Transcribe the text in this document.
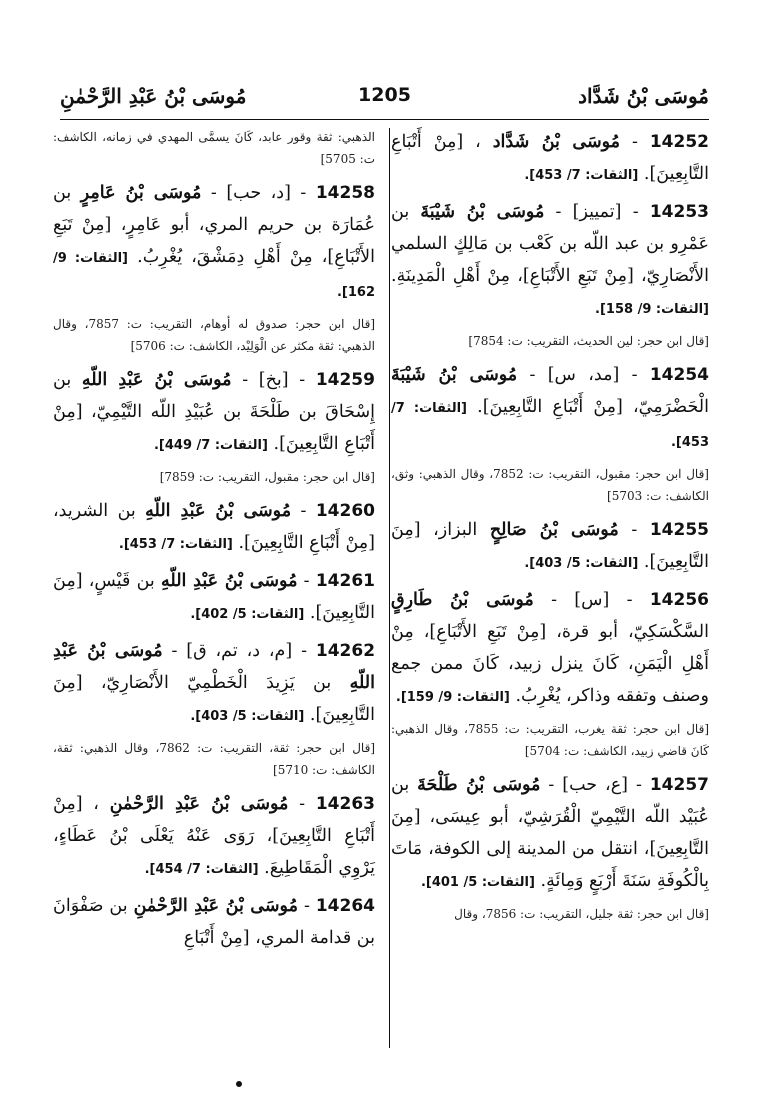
مُوسَى بْنُ شَدَّاد
1205
مُوسَى بْنُ عَبْدِ الرَّحْمٰنِ
14252 - مُوسَى بْنُ شَدَّاد ، [مِنْ أَتْبَاعِ التَّابِعِينَ]. [الثقات: 7/ 453].
14253 - [تمييز] - مُوسَى بْنُ شَيْبَةَ بن عَمْرِو بن عبد اللّه بن كَعْب بن مَالِكٍ السلمي الأَنْصَارِيّ، [مِنْ تَبَعِ الأَتْبَاعِ]، مِنْ أَهْلِ الْمَدِينَةِ. [الثقات: 9/ 158].
[قال ابن حجر: لين الحديث، التقريب: ت: 7854]
14254 - [مد، س] - مُوسَى بْنُ شَيْبَةَ الْحَضْرَمِيّ، [مِنْ أَتْبَاعِ التَّابِعِينَ]. [الثقات: 7/ 453].
[قال ابن حجر: مقبول، التقريب: ت: 7852، وقال الذهبي: وثق، الكاشف: ت: 5703]
14255 - مُوسَى بْنُ صَالِحٍ البزاز، [مِنَ التَّابِعِينَ]. [الثقات: 5/ 403].
14256 - [س] - مُوسَى بْنُ طَارِقٍ السَّكْسَكِيّ، أبو قرة، [مِنْ تَبَعِ الأَتْبَاعِ]، مِنْ أَهْلِ الْيَمَنِ، كَانَ ينزل زبيد، كَانَ ممن جمع وصنف وتفقه وذاكر، يُغْرِبُ. [الثقات: 9/ 159].
[قال ابن حجر: ثقة يغرب، التقريب: ت: 7855، وقال الذهبي: كَانَ قاضي زبيد، الكاشف: ت: 5704]
14257 - [ع، حب] - مُوسَى بْنُ طَلْحَةَ بن عُبَيْد اللّه التَّيْمِيّ الْقُرَشِيّ، أبو عِيسَى، [مِنَ التَّابِعِينَ]، انتقل من المدينة إلى الكوفة، مَاتَ بِالْكُوفَةِ سَنَةَ أَرْبَعٍ وَمِائَةٍ. [الثقات: 5/ 401].
[قال ابن حجر: ثقة جليل، التقريب: ت: 7856، وقال
الذهبي: ثقة وقور عابد، كَانَ يسمَّى المهدي في زمانه، الكاشف: ت: 5705]
14258 - [د، حب] - مُوسَى بْنُ عَامِرٍ بن عُمَارَة بن حريم المري، أبو عَامِرٍ، [مِنْ تَبَعِ الأَتْبَاعِ]، مِنْ أَهْلِ دِمَشْقَ، يُغْرِبُ. [الثقات: 9/ 162].
[قال ابن حجر: صدوق له أوهام، التقريب: ت: 7857، وقال الذهبي: ثقة مكثر عن الْوَلِيْد، الكاشف: ت: 5706]
14259 - [بخ] - مُوسَى بْنُ عَبْدِ اللّهِ بن إِسْحَاقَ بن طَلْحَةَ بن عُبَيْدِ اللّه التَّيْمِيّ، [مِنْ أَتْبَاعِ التَّابِعِينَ]. [الثقات: 7/ 449].
[قال ابن حجر: مقبول، التقريب: ت: 7859]
14260 - مُوسَى بْنُ عَبْدِ اللّهِ بن الشريد، [مِنْ أَتْبَاعِ التَّابِعِينَ]. [الثقات: 7/ 453].
14261 - مُوسَى بْنُ عَبْدِ اللّهِ بن قَيْسٍ، [مِنَ التَّابِعِينَ]. [الثقات: 5/ 402].
14262 - [م، د، تم، ق] - مُوسَى بْنُ عَبْدِ اللّهِ بن يَزِيدَ الْخَطْمِيّ الأَنْصَارِيّ، [مِنَ التَّابِعِينَ]. [الثقات: 5/ 403].
[قال ابن حجر: ثقة، التقريب: ت: 7862، وقال الذهبي: ثقة، الكاشف: ت: 5710]
14263 - مُوسَى بْنُ عَبْدِ الرَّحْمٰنِ ، [مِنْ أَتْبَاعِ التَّابِعِينَ]، رَوَى عَنْهُ يَعْلَى بْنُ عَطَاءٍ، يَرْوِي الْمَقَاطِيعَ. [الثقات: 7/ 454].
14264 - مُوسَى بْنُ عَبْدِ الرَّحْمٰنِ بن صَفْوَانَ بن قدامة المري، [مِنْ أَتْبَاعِ
